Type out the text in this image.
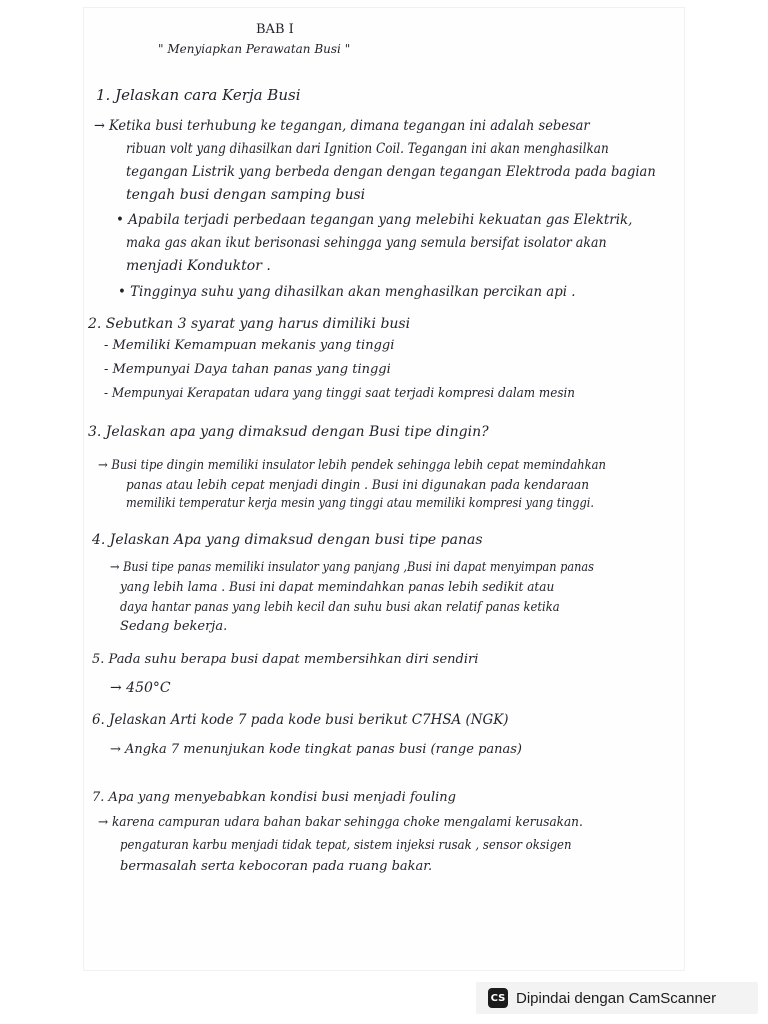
BAB I
" Menyiapkan Perawatan Busi "
1. Jelaskan cara Kerja Busi
→ Ketika busi terhubung ke tegangan, dimana tegangan ini adalah sebesar
ribuan volt yang dihasilkan dari Ignition Coil. Tegangan ini akan menghasilkan
tegangan Listrik yang berbeda dengan dengan tegangan Elektroda pada bagian
tengah busi dengan samping busi
• Apabila terjadi perbedaan tegangan yang melebihi kekuatan gas Elektrik,
maka gas akan ikut berisonasi sehingga yang semula bersifat isolator akan
menjadi Konduktor .
• Tingginya suhu yang dihasilkan akan menghasilkan percikan api .
2. Sebutkan 3 syarat yang harus dimiliki busi
- Memiliki Kemampuan mekanis yang tinggi
- Mempunyai Daya tahan panas yang tinggi
- Mempunyai Kerapatan udara yang tinggi saat terjadi kompresi dalam mesin
3. Jelaskan apa yang dimaksud dengan Busi tipe dingin?
→ Busi tipe dingin memiliki insulator lebih pendek sehingga lebih cepat memindahkan
panas atau lebih cepat menjadi dingin . Busi ini digunakan pada kendaraan
memiliki temperatur kerja mesin yang tinggi atau memiliki kompresi yang tinggi.
4. Jelaskan Apa yang dimaksud dengan busi tipe panas
→ Busi tipe panas memiliki insulator yang panjang ,Busi ini dapat menyimpan panas
yang lebih lama . Busi ini dapat memindahkan panas lebih sedikit atau
daya hantar panas yang lebih kecil dan suhu busi akan relatif panas ketika
Sedang bekerja.
5. Pada suhu berapa busi dapat membersihkan diri sendiri
→ 450°C
6. Jelaskan Arti kode 7 pada kode busi berikut C7HSA (NGK)
→ Angka 7 menunjukan kode tingkat panas busi (range panas)
7. Apa yang menyebabkan kondisi busi menjadi fouling
→ karena campuran udara bahan bakar sehingga choke mengalami kerusakan.
pengaturan karbu menjadi tidak tepat, sistem injeksi rusak , sensor oksigen
bermasalah serta kebocoran pada ruang bakar.
CS Dipindai dengan CamScanner
